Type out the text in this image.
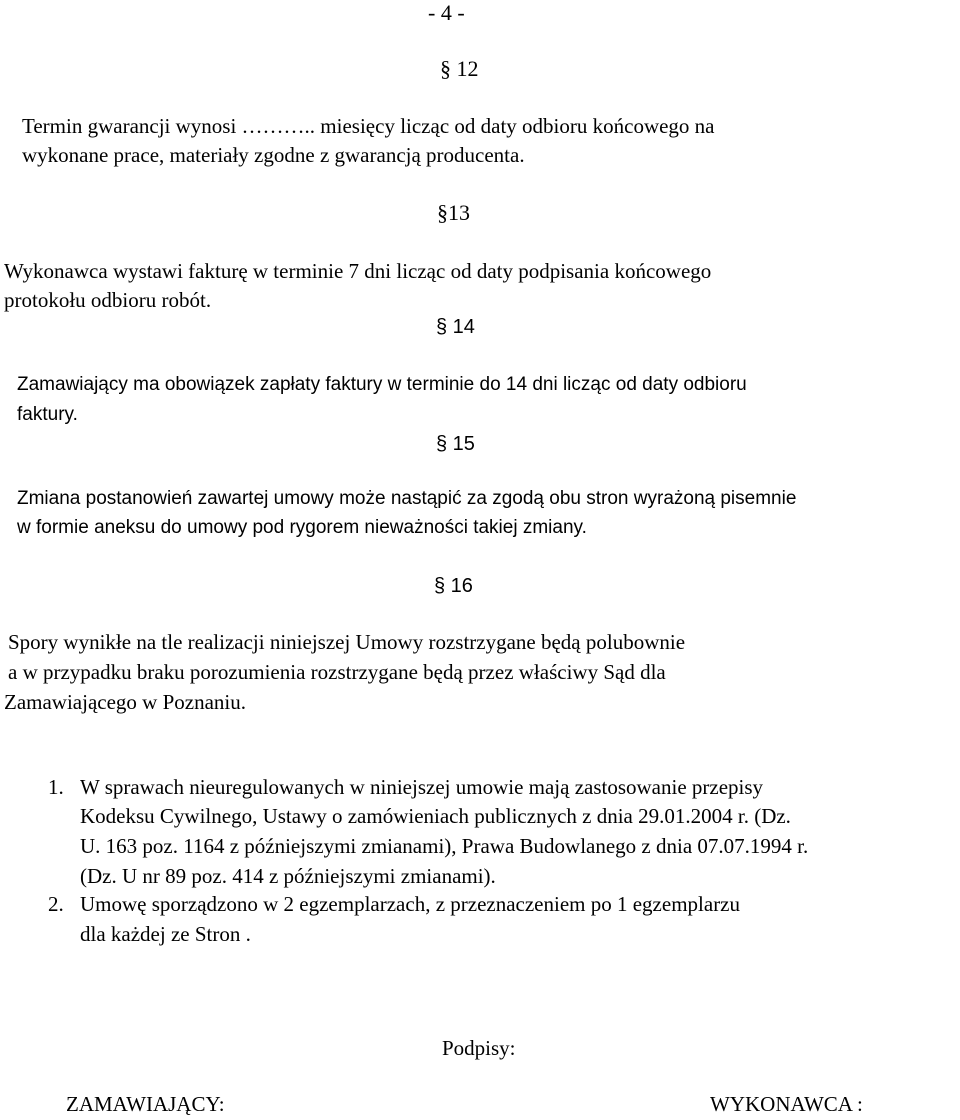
- 4 -
§ 12
Termin gwarancji wynosi ……….. miesięcy licząc od daty odbioru końcowego na
wykonane prace, materiały zgodne z gwarancją producenta.
§13
Wykonawca wystawi fakturę w terminie 7 dni licząc od daty podpisania końcowego
protokołu odbioru robót.
§ 14
Zamawiający ma obowiązek zapłaty faktury w terminie do 14 dni licząc od daty odbioru
faktury.
§ 15
Zmiana postanowień zawartej umowy może nastąpić za zgodą obu stron wyrażoną pisemnie
w formie aneksu do umowy pod rygorem nieważności takiej zmiany.
§ 16
Spory wynikłe na tle realizacji niniejszej Umowy rozstrzygane będą polubownie
a w przypadku braku porozumienia rozstrzygane będą przez właściwy Sąd dla
Zamawiającego w Poznaniu.
1. W sprawach nieuregulowanych w niniejszej umowie mają zastosowanie przepisy
Kodeksu Cywilnego, Ustawy o zamówieniach publicznych z dnia 29.01.2004 r. (Dz.
U. 163 poz. 1164 z późniejszymi zmianami), Prawa Budowlanego z dnia 07.07.1994 r.
(Dz. U nr 89 poz. 414 z późniejszymi zmianami).
2. Umowę sporządzono w 2 egzemplarzach, z przeznaczeniem po 1 egzemplarzu
dla każdej ze Stron .
Podpisy:
ZAMAWIAJĄCY:	WYKONAWCA :
